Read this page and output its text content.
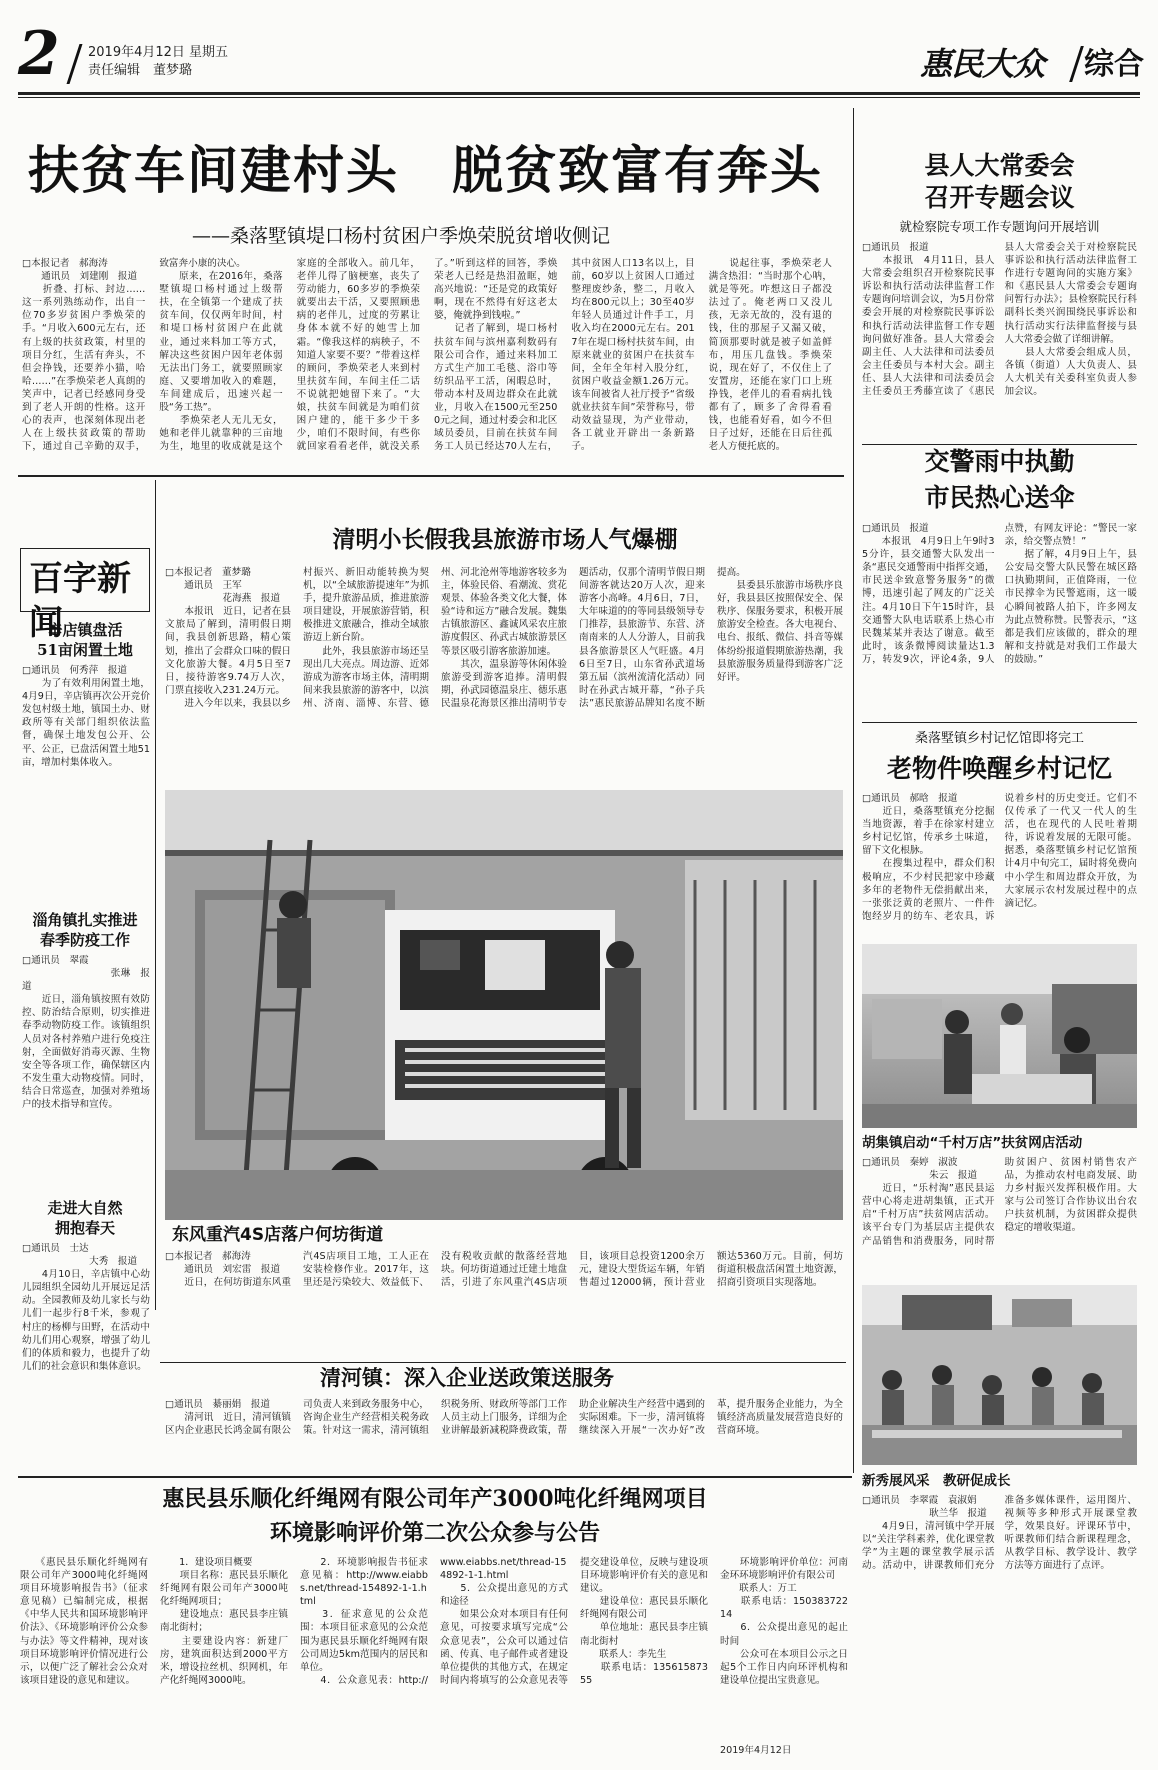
2 2019年4月12日 星期五
责任编辑　董梦璐	惠民大众 综合
扶贫车间建村头　脱贫致富有奔头
——桑落墅镇堤口杨村贫困户季焕荣脱贫增收侧记
□本报记者　郝海涛
　　通讯员　刘建刚　报道
　　折叠、打标、封边……这一系列熟练动作，出自一位70多岁贫困户季焕荣的手。“月收入600元左右，还有上级的扶贫政策，村里的项目分红，生活有奔头，不但会挣钱，还要养小猫，哈哈……”在季焕荣老人真朗的笑声中，记者已经感同身受到了老人开朗的性格。这开心的表声，也深刻体现出老人在上级扶贫政策的帮助下，通过自己辛勤的双手，致富奔小康的决心。
　　原来，在2016年，桑落墅镇堤口杨村通过上级帮扶，在全镇第一个建成了扶贫车间，仅仅两年时间，村和堤口杨村贫困户在此就业，通过来料加工等方式，解决这些贫困户因年老体弱无法出门务工，就要照顾家庭、又要增加收入的难题，车间建成后，迅速兴起一股“务工热”。
　　季焕荣老人无儿无女，她和老伴儿就靠种的三亩地为生，地里的收成就是这个家庭的全部收入。前几年，老伴儿得了脑梗塞，丧失了劳动能力，60多岁的季焕荣就要出去干活，又要照顾患病的老伴儿，过度的劳累让身体本就不好的她雪上加霜。“像我这样的病秧子，不知道人家要不要？”带着这样的顾问，季焕荣老人来到村里扶贫车间，车间主任二话不说就把她留下来了。“大娘，扶贫车间就是为咱们贫困户建的，能干多少干多少，咱们不限时间，有些你就回家看看老伴，就没关系了。”听到这样的回答，季焕荣老人已经是热泪盈眶，她高兴地说：“还是党的政策好啊，现在不然得有好这老太婆，俺就挣到钱啦。”
　　记者了解到，堤口杨村扶贫车间与滨州嘉利数码有限公司合作，通过来料加工方式生产加工毛毯、浴巾等纺织品平工活，闲暇总时，带动本村及周边群众在此就业，月收入在1500元至2500元之间，通过村委会和北区域员委员，目前在扶贫车间务工人员已经达70人左右，其中贫困人口13名以上，目前，60岁以上贫困人口通过整理废纱条，整二，月收入均在800元以上；30至40岁年轻人员通过计件手工，月收入均在2000元左右。2017年在堤口杨村扶贫车间，由原来就业的贫困户在扶贫车间，全年全年村入股分红，贫困户收益金额1.26万元。该车间被省人社厅授予“省级就业扶贫车间”荣誉称号，带动效益显现，为产业带动，各工就业开辟出一条新路子。
　　说起往事，季焕荣老人满含热泪：“当时那个心呐，就是等死。咋想这日子都没法过了。俺老两口又没儿孩，无亲无故的，没有退的钱，住的那屋子又漏又破，简顶那要时就是被子如盖鲜布，用压几盘钱。季焕荣说，现在好了，不仅住上了安置房，还能在家门口上班挣钱，老伴儿的看看病扎钱都有了，顾多了舍得看看钱，也能看好看，如今不但日子过好，还能在日后往孤老人方便托底的。

县人大常委会
召开专题会议
就检察院专项工作专题询问开展培训
□通讯员　报道
　　本报讯　4月11日，县人大常委会组织召开检察院民事诉讼和执行活动法律监督工作专题询问培训会议，为5月份常委会开展的对检察院民事诉讼和执行活动法律监督工作专题询问做好准备。县人大常委会副主任、人大法律和司法委员会主任委员与本村大会。副主任、县人大法律和司法委员会主任委员王秀藤宣读了《惠民县人大常委会关于对检察院民事诉讼和执行活动法律监督工作进行专题询问的实施方案》和《惠民县人大常委会专题询问暂行办法》；县检察院民行科副科长类兴润围绕民事诉讼和执行活动实行法律监督接与县人大常委会做了详细讲解。
　　县人大常委会组成人员，各镇（街道）人大负责人、县人大机关有关委科室负责人参加会议。
交警雨中执勤
市民热心送伞
□通讯员　报道
　　本报讯　4月9日上午9时35分许，县交通警大队发出一条“惠民交通警雨中指挥交通，市民送伞致意警务服务”的微博，迅速引起了网友的广泛关注。4月10日下午15时许，县交通警大队电话联系上热心市民魏某某并表达了谢意。截至此时，该条微博阅读量达1.3万，转发9次，评论4条，9人点赞，有网友评论：“警民一家亲，给交警点赞！”
　　据了解，4月9日上午，县公安局交警大队民警在城区路口执勤期间，正值降雨，一位市民撑伞为民警遮雨，这一暖心瞬间被路人拍下，许多网友为此点赞称赞。民警表示，“这都是我们应该做的，群众的理解和支持就是对我们工作最大的鼓励。”
桑落墅镇乡村记忆馆即将完工
老物件唤醒乡村记忆
□通讯员　郝晗　报道
　　近日，桑落墅镇充分挖掘当地资源，着手在徐家村建立乡村记忆馆，传承乡土味道，留下文化根脉。
　　在搜集过程中，群众们积极响应，不少村民把家中珍藏多年的老物件无偿捐献出来，一张张泛黄的老照片、一件件饱经岁月的纺车、老农具，诉说着乡村的历史变迁。它们不仅传承了一代又一代人的生活，也在现代的人民吐着期待，诉说着发展的无限可能。据悉，桑落墅镇乡村记忆馆预计4月中旬完工，届时将免费向中小学生和周边群众开放，为大家展示农村发展过程中的点滴记忆。
胡集镇启动“千村万店”扶贫网店活动
□通讯员　秦婷　淑波
　　　　　　　朱云　报道
　　近日，“乐村淘”惠民县运营中心将走进胡集镇，正式开启“千村万店”扶贫网店活动。该平台专门为基层店主提供农产品销售和消费服务，同时帮助贫困户、贫困村销售农产品，为推动农村电商发展、助力乡村振兴发挥积极作用。大家与公司签订合作协议出台农户扶贫机制，为贫困群众提供稳定的增收渠道。
新秀展风采　教研促成长
□通讯员　李翠霞　袁淑娟
　　　　　　　耿兰华　报道
　　4月9日，清河镇中学开展以“关注学科素养，优化课堂教学”为主题的课堂教学展示活动。活动中，讲课教师们充分准备多媒体课件，运用图片、视频等多种形式开展课堂教学，效果良好。评课环节中，听课教师们结合新课程理念，从教学目标、教学设计、教学方法等方面进行了点评。
百字新闻
辛店镇盘活
51亩闲置土地
□通讯员　何秀萍　报道
　　为了有效利用闲置土地，4月9日，辛店镇再次公开竞价发包村级土地，镇国土办、财政所等有关部门组织依法监督，确保土地发包公开、公平、公正，已盘活闲置土地51亩，增加村集体收入。
淄角镇扎实推进
春季防疫工作
□通讯员　翠霞
　　　　　　　　　张琳　报道
　　近日，淄角镇按照有效防控、防治结合原则，切实推进春季动物防疫工作。该镇组织人员对各村养殖户进行免疫注射，全面做好消毒灭源、生物安全等各项工作，确保辖区内不发生重大动物疫情。同时，结合日常巡查，加强对养殖场户的技术指导和宣传。
走进大自然
拥抱春天
□通讯员　士达
　　　　　　　大秀　报道
　　4月10日，辛店镇中心幼儿园组织全园幼儿开展远足活动。全园教师及幼儿家长与幼儿们一起步行8千米，参观了村庄的杨柳与田野，在活动中幼儿们用心观察，增强了幼儿们的体质和毅力，也提升了幼儿们的社会意识和集体意识。
清明小长假我县旅游市场人气爆棚
□本报记者　董梦璐
　　通讯员　王军
　　　　　　花海燕　报道
　　本报讯　近日，记者在县文旅局了解到，清明假日期间，我县创新思路，精心策划，推出了会群众口味的假日文化旅游大餐。4月5日至7日，接待游客9.74万人次，门票直接收入231.24万元。
　　进入今年以来，我县以乡村振兴、新旧动能转换为契机，以“全域旅游提速年”为抓手，提升旅游品质，推进旅游项目建设，开展旅游营销，积极推进文旅融合，推动全域旅游迈上新台阶。
　　此外，我县旅游市场还呈现出几大亮点。周边游、近郊游成为游客市场主体，清明期间来我县旅游的游客中，以滨州、济南、淄博、东营、德州、河北沧州等地游客较多为主，体验民俗、看潮流、赏花观景、体验各类文化大餐，体验“诗和远方”融合发展。魏集古镇旅游区、鑫诚风采农庄旅游度假区、孙武古城旅游景区等景区吸引游客旅游加速。
　　其次，温泉游等休闲体验旅游受到游客追捧。清明假期，孙武园德温泉庄、德乐惠民温泉花海景区推出清明节专题活动，仅那个清明节假日期间游客就达20万人次，迎来游客小高峰。4月6日，7日，大年味道的的等同县级领导专门推荐，县旅游节、东营、济南南来的人人分游人，目前我县各旅游景区人气旺盛。4月6日至7日，山东省孙武道场第五届（滨州流清化活动）同时在孙武古城开幕，“孙子兵法”惠民旅游品牌知名度不断提高。
　　县委县乐旅游市场秩序良好，我县县区按照保安全、保秩序、保服务要求，积极开展旅游安全检查。各大电视台、电台、报纸、微信、抖音等媒体纷纷报道假期旅游热潮，我县旅游服务质量得到游客广泛好评。
东风重汽4S店落户何坊街道
□本报记者　郝海涛
　　通讯员　刘宏雷　报道
　　近日，在何坊街道东风重汽4S店项目工地，工人正在安装检修作业。2017年，这里还是污染较大、效益低下、没有税收贡献的散落经营地块。何坊街道通过迁建土地盘活，引进了东风重汽4S店项目，该项目总投资1200余万元，建设大型货运车辆，年销售超过12000辆，预计营业额达5360万元。目前，何坊街道积极盘活闲置土地资源，招商引资项目实现落地。
清河镇：深入企业送政策送服务
□通讯员　綦丽娟　报道
　　清河讯　近日，清河镇镇区内企业惠民长鸿金属有限公司负责人来到政务服务中心，咨询企业生产经营相关税务政策。针对这一需求，清河镇组织税务所、财政所等部门工作人员主动上门服务，详细为企业讲解最新减税降费政策，帮助企业解决生产经营中遇到的实际困难。下一步，清河镇将继续深入开展“一次办好”改革，提升服务企业能力，为全镇经济高质量发展营造良好的营商环境。
惠民县乐顺化纤绳网有限公司年产3000吨化纤绳网项目
环境影响评价第二次公众参与公告
　　《惠民县乐顺化纤绳网有限公司年产3000吨化纤绳网项目环境影响报告书》（征求意见稿）已编制完成，根据《中华人民共和国环境影响评价法》、《环境影响评价公众参与办法》等文件精神，现对该项目环境影响评价情况进行公示，以便广泛了解社会公众对该项目建设的意见和建议。
　　1．建设项目概要
　　项目名称：惠民县乐顺化纤绳网有限公司年产3000吨化纤绳网项目；
　　建设地点：惠民县李庄镇南北街村；
　　主要建设内容：新建厂房，建筑面积达到2000平方米，增设拉丝机、织网机，年产化纤绳网3000吨。
　　2．环境影响报告书征求意见稿：http://www.eiabbs.net/thread-154892-1-1.html
　　3．征求意见的公众范围：本项目征求意见的公众范围为惠民县乐顺化纤绳网有限公司周边5km范围内的居民和单位。
　　4．公众意见表：http://www.eiabbs.net/thread-154892-1-1.html
　　5．公众提出意见的方式和途径
　　如果公众对本项目有任何意见，可按要求填写完成“公众意见表”，公众可以通过信函、传真、电子邮件或者建设单位提供的其他方式，在规定时间内将填写的公众意见表等提交建设单位，反映与建设项目环境影响评价有关的意见和建议。
　　建设单位：惠民县乐顺化纤绳网有限公司
　　单位地址：惠民县李庄镇南北街村
　　联系人：李先生
　　联系电话：13561587355
　　环境影响评价单位：河南金环环境影响评价有限公司
　　联系人：万工
　　联系电话：15038372214
　　6．公众提出意见的起止时间
　　公众可在本项目公示之日起5个工作日内向环评机构和建设单位提出宝贵意见。
2019年4月12日
